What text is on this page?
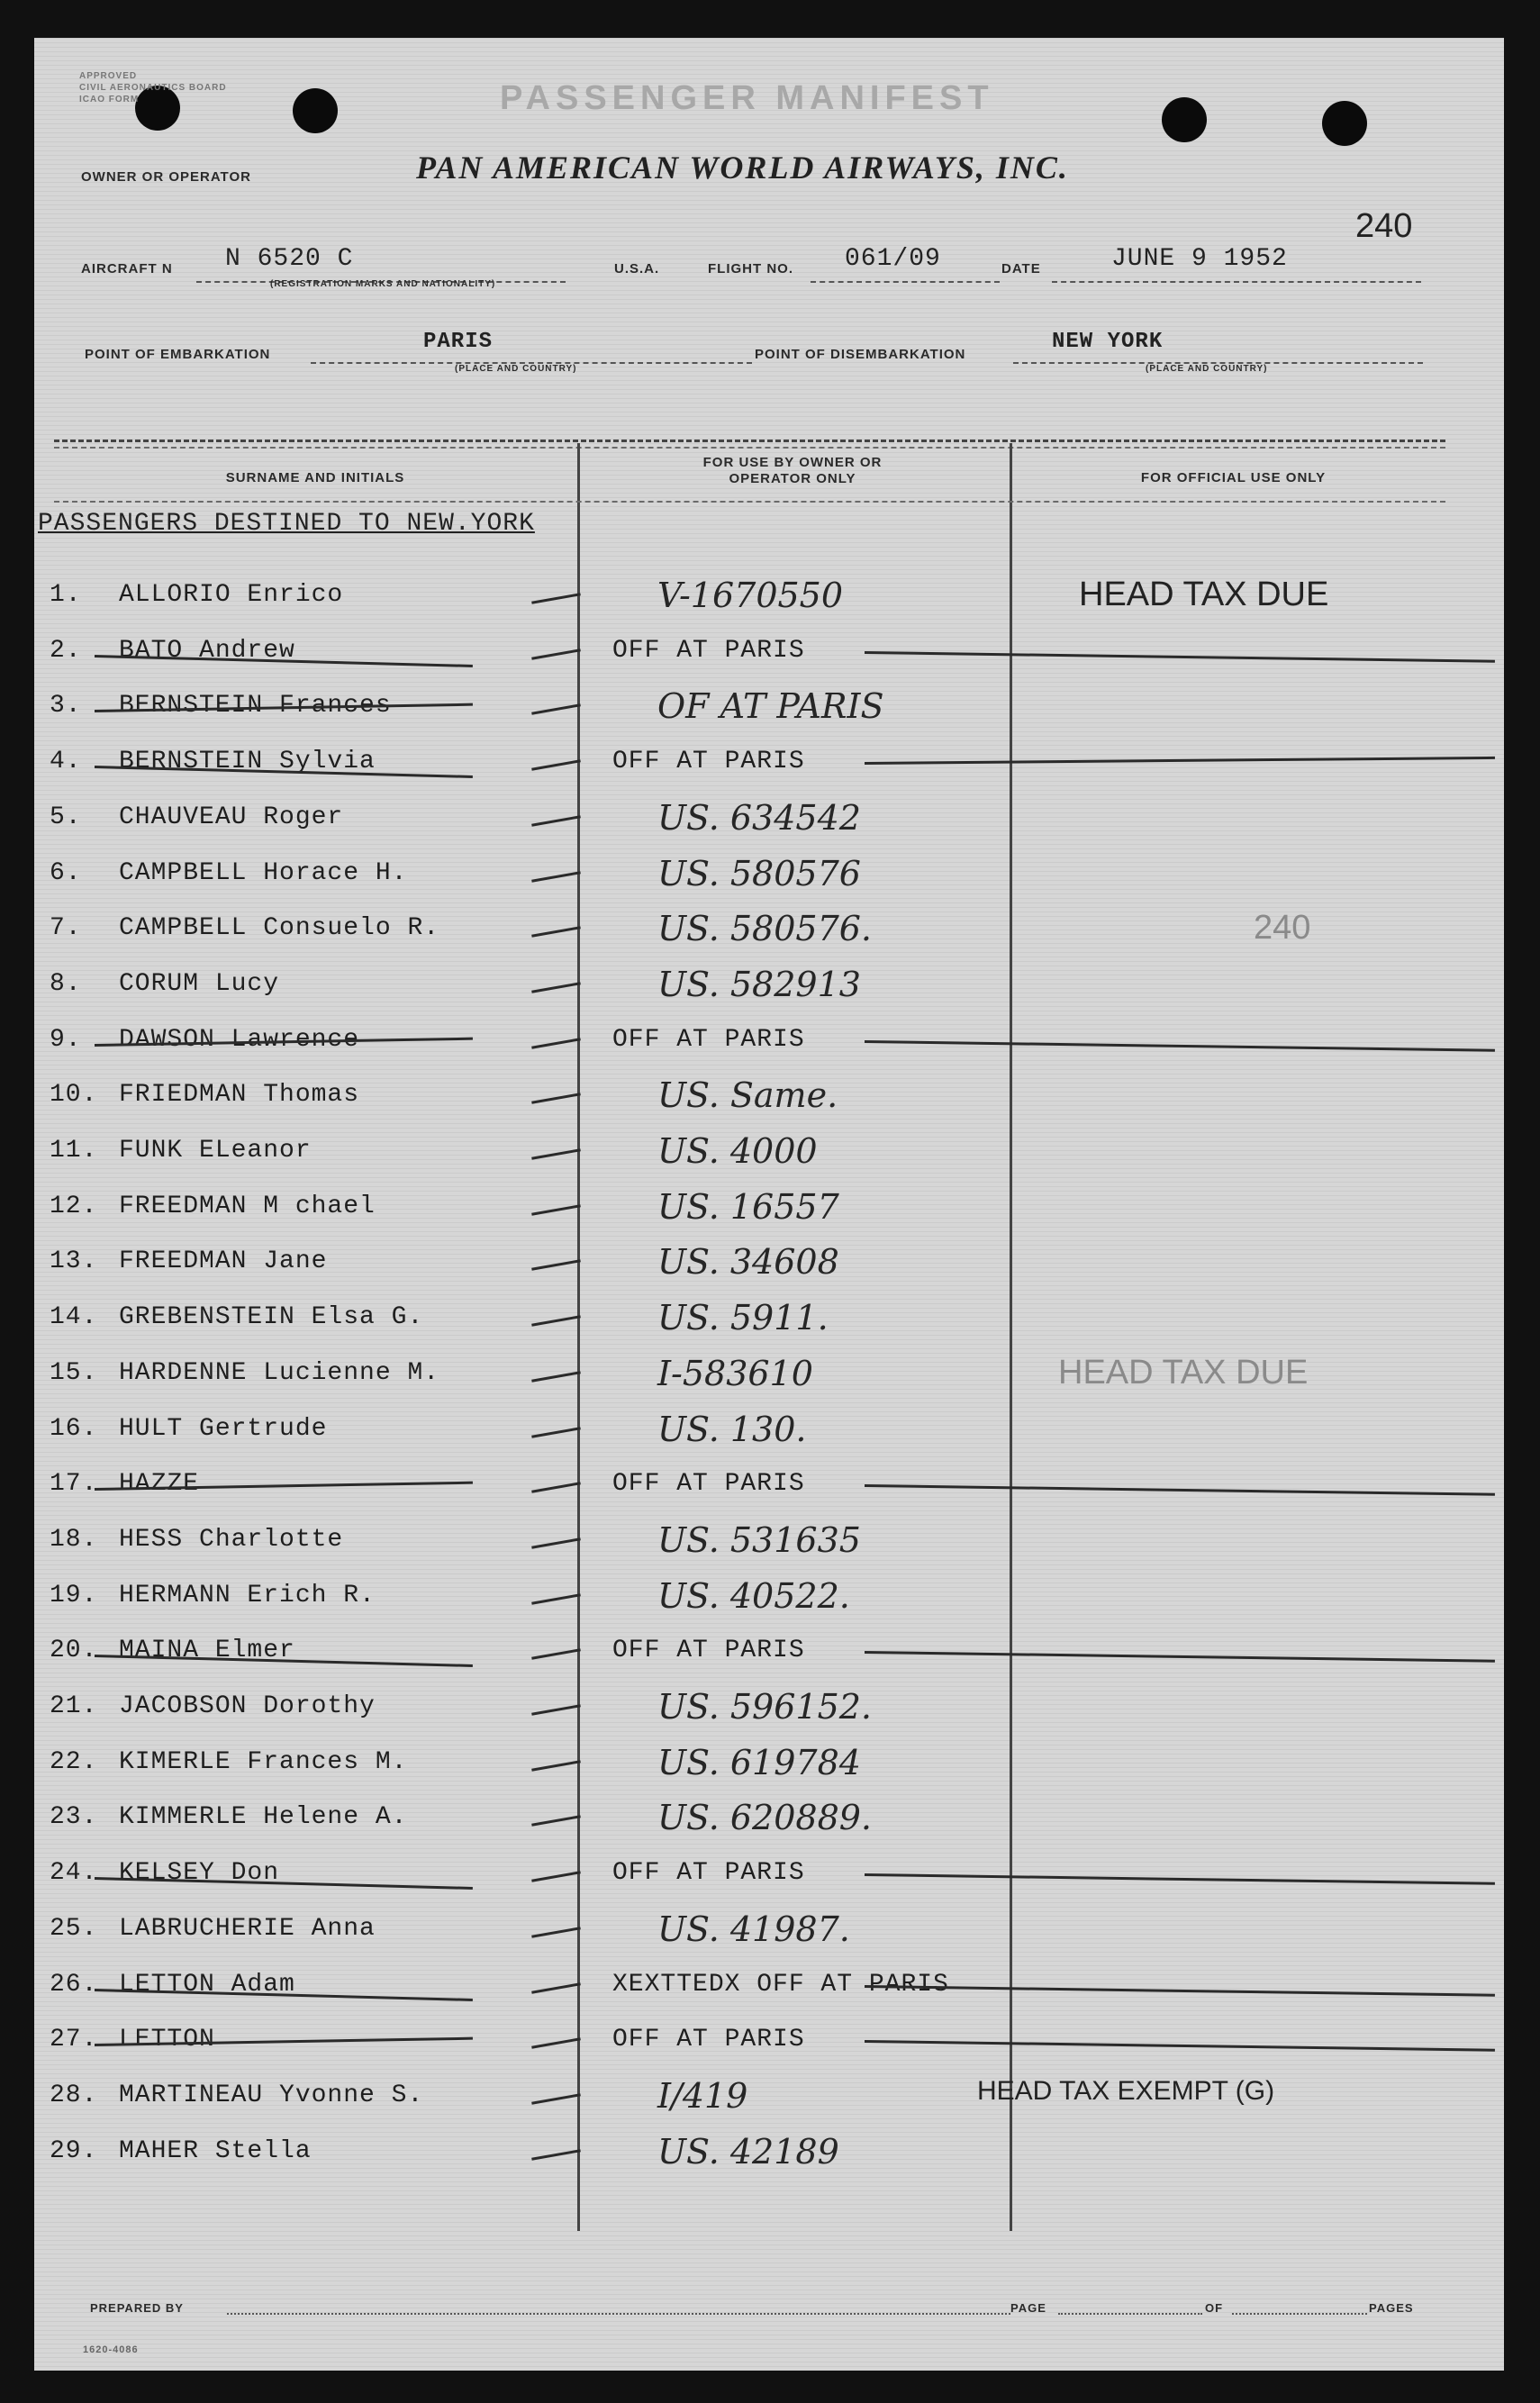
APPROVED
CIVIL AERONAUTICS BOARD
ICAO FORM	PASSENGER MANIFEST
OWNER OR OPERATOR	PAN AMERICAN WORLD AIRWAYS, INC.
240
AIRCRAFT N N 6520 C
(REGISTRATION MARKS AND NATIONALITY)
U.S.A.	FLIGHT NO. 061/09	DATE	JUNE 9 1952
POINT OF EMBARKATION
PARIS
(PLACE AND COUNTRY)
POINT OF DISEMBARKATION
NEW YORK
(PLACE AND COUNTRY)
SURNAME AND INITIALS
FOR USE BY OWNER OR OPERATOR ONLY	FOR OFFICIAL USE ONLY
PASSENGERS DESTINED TO NEW.YORK
1. ALLORIO Enrico	V-1670550	HEAD TAX DUE
2. BATO Andrew	OFF AT PARIS
3. BERNSTEIN Frances	OF AT PARIS
4. BERNSTEIN Sylvia	OFF AT PARIS
5. CHAUVEAU Roger	US. 634542
6. CAMPBELL Horace H.	US. 580576
7. CAMPBELL Consuelo R.	US. 580576.	240
8. CORUM Lucy	US. 582913
9. DAWSON Lawrence	OFF AT PARIS
10. FRIEDMAN Thomas	US. Same.
11. FUNK ELeanor	US. 4000
12. FREEDMAN M chael	US. 16557
13. FREEDMAN Jane	US. 34608
14. GREBENSTEIN Elsa G.	US. 5911.
15. HARDENNE Lucienne M.	I-583610	HEAD TAX DUE
16. HULT Gertrude	US. 130.
17. HAZZE	OFF AT PARIS
18. HESS Charlotte	US. 531635
19. HERMANN Erich R.	US. 40522.
20. MAINA Elmer	OFF AT PARIS
21. JACOBSON Dorothy	US. 596152.
22. KIMERLE Frances M.	US. 619784
23. KIMMERLE Helene A.	US. 620889.
24. KELSEY Don	OFF AT PARIS
25. LABRUCHERIE Anna	US. 41987.
26. LETTON Adam	XEXTTEDX OFF AT PARIS
27. LETTON	OFF AT PARIS
28. MARTINEAU Yvonne S.	I/419	HEAD TAX EXEMPT (G)
29. MAHER Stella	US. 42189
PREPARED BY	PAGE	OF	PAGES
1620-4086
